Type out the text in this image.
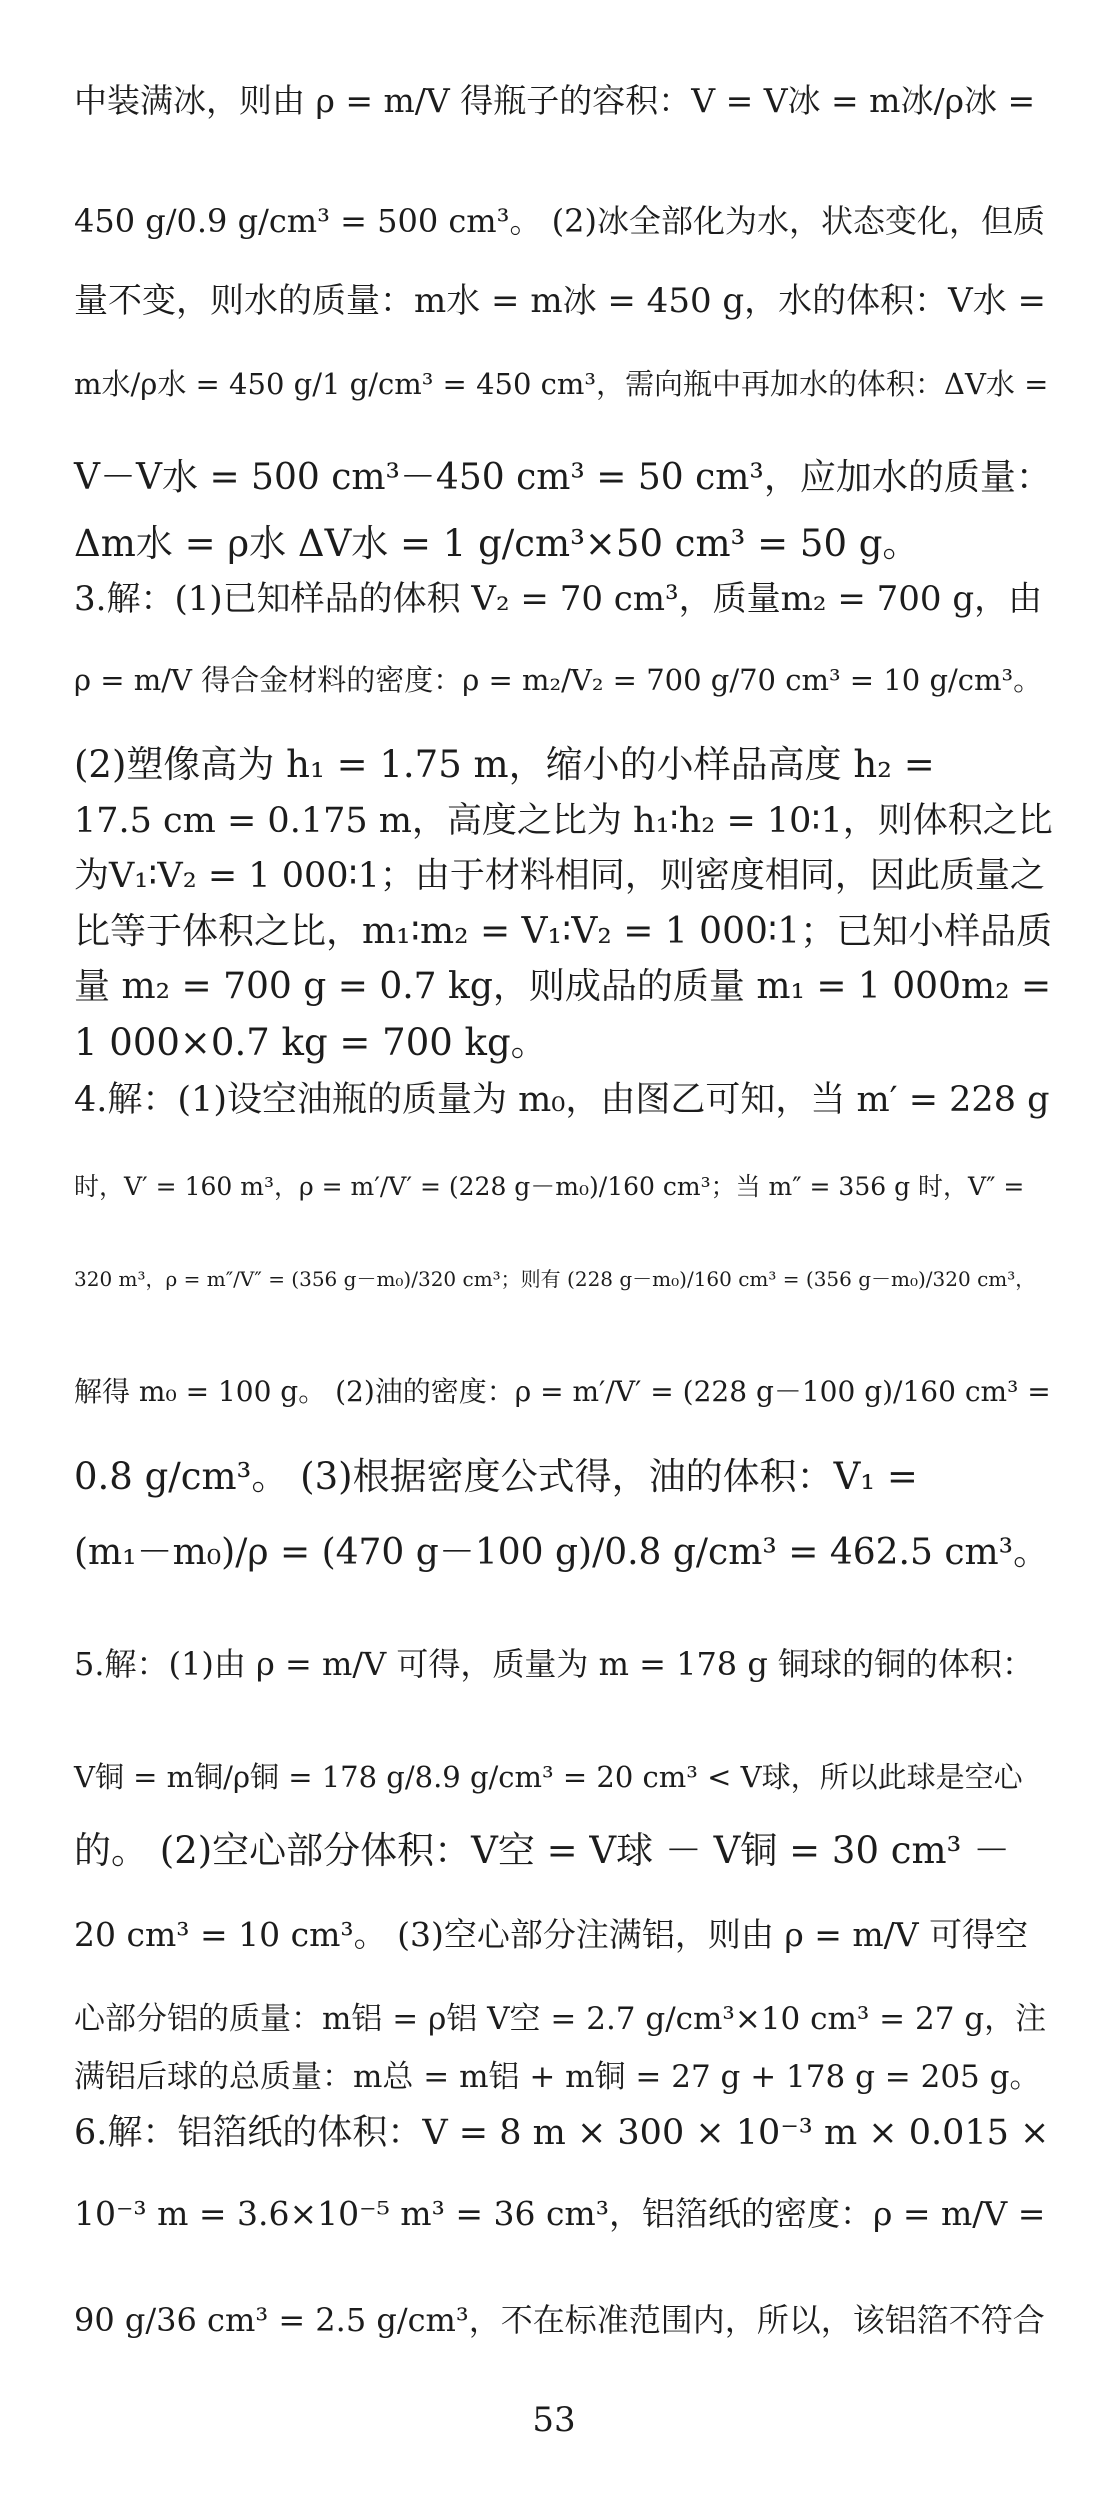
中装满冰，则由 ρ = m/V 得瓶子的容积：V = V冰 = m冰/ρ冰 =
450 g/0.9 g/cm³ = 500 cm³。 (2)冰全部化为水，状态变化，但质
量不变，则水的质量：m水 = m冰 = 450 g，水的体积：V水 =
m水/ρ水 = 450 g/1 g/cm³ = 450 cm³，需向瓶中再加水的体积：ΔV水 =
V－V水 = 500 cm³－450 cm³ = 50 cm³，应加水的质量：
Δm水 = ρ水 ΔV水 = 1 g/cm³×50 cm³ = 50 g。
3.解：(1)已知样品的体积 V₂ = 70 cm³，质量m₂ = 700 g，由
ρ = m/V 得合金材料的密度：ρ = m₂/V₂ = 700 g/70 cm³ = 10 g/cm³。
(2)塑像高为 h₁ = 1.75 m，缩小的小样品高度 h₂ =
17.5 cm = 0.175 m，高度之比为 h₁∶h₂ = 10∶1，则体积之比
为V₁∶V₂ = 1 000∶1；由于材料相同，则密度相同，因此质量之
比等于体积之比，m₁∶m₂ = V₁∶V₂ = 1 000∶1；已知小样品质
量 m₂ = 700 g = 0.7 kg，则成品的质量 m₁ = 1 000m₂ =
1 000×0.7 kg = 700 kg。
4.解：(1)设空油瓶的质量为 m₀，由图乙可知，当 m′ = 228 g
时，V′ = 160 m³，ρ = m′/V′ = (228 g－m₀)/160 cm³；当 m″ = 356 g 时，V″ =
320 m³，ρ = m″/V″ = (356 g－m₀)/320 cm³；则有 (228 g－m₀)/160 cm³ = (356 g－m₀)/320 cm³，
解得 m₀ = 100 g。 (2)油的密度：ρ = m′/V′ = (228 g－100 g)/160 cm³ =
0.8 g/cm³。 (3)根据密度公式得，油的体积：V₁ =
(m₁－m₀)/ρ = (470 g－100 g)/0.8 g/cm³ = 462.5 cm³。
5.解：(1)由 ρ = m/V 可得，质量为 m = 178 g 铜球的铜的体积：
V铜 = m铜/ρ铜 = 178 g/8.9 g/cm³ = 20 cm³ < V球，所以此球是空心
的。 (2)空心部分体积：V空 = V球 － V铜 = 30 cm³ －
20 cm³ = 10 cm³。 (3)空心部分注满铝，则由 ρ = m/V 可得空
心部分铝的质量：m铝 = ρ铝 V空 = 2.7 g/cm³×10 cm³ = 27 g，注
满铝后球的总质量：m总 = m铝 + m铜 = 27 g + 178 g = 205 g。
6.解：铝箔纸的体积：V = 8 m × 300 × 10⁻³ m × 0.015 ×
10⁻³ m = 3.6×10⁻⁵ m³ = 36 cm³，铝箔纸的密度：ρ = m/V =
90 g/36 cm³ = 2.5 g/cm³，不在标准范围内，所以，该铝箔不符合
53
